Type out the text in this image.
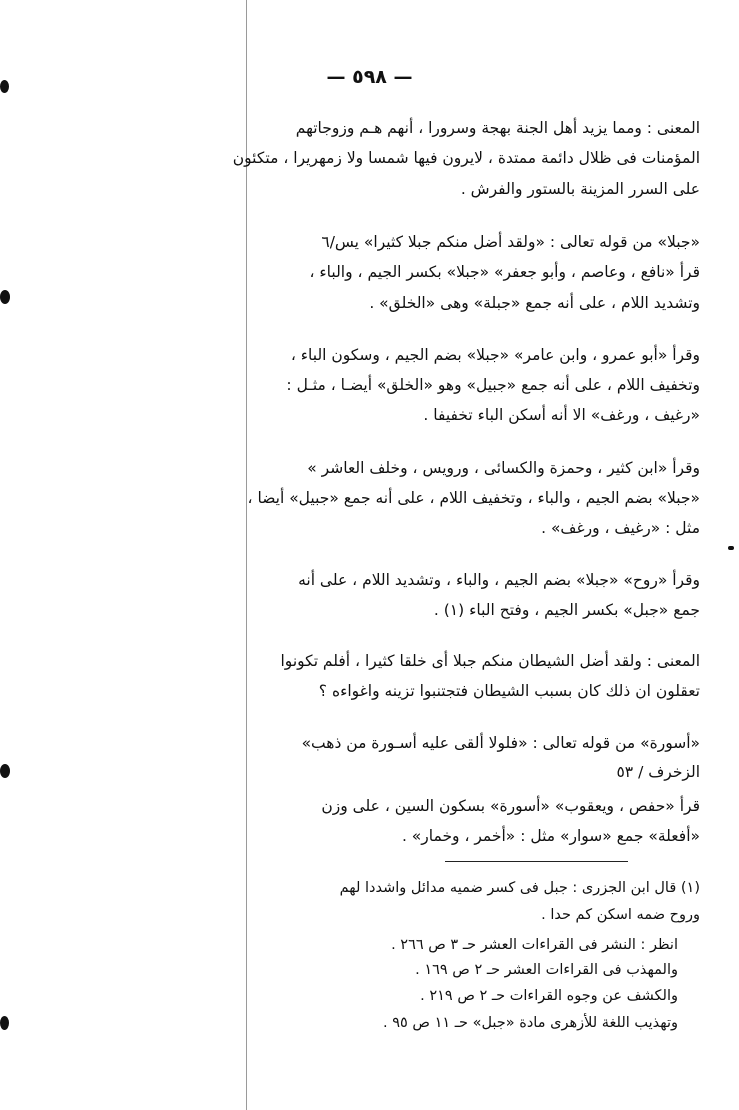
— ٥٩٨ —
المعنى : ومما يزيد أهل الجنة بهجة وسرورا ، أنهم هـم وزوجاتهم
المؤمنات فى ظلال دائمة ممتدة ، لايرون فيها شمسا ولا زمهريرا ، متكئون
على السرر المزينة بالستور والفرش .
«جبلا» من قوله تعالى : «ولقد أضل منكم جبلا كثيرا» يس/٦
قرأ «نافع ، وعاصم ، وأبو جعفر» «جبلا» بكسر الجيم ، والباء ،
وتشديد اللام ، على أنه جمع «جبلة» وهى «الخلق» .
وقرأ «أبو عمرو ، وابن عامر» «جبلا» بضم الجيم ، وسكون الباء ،
وتخفيف اللام ، على أنه جمع «جبيل» وهو «الخلق» أيضـا ، مثـل :
«رغيف ، ورغف» الا أنه أسكن الباء تخفيفا .
وقرأ «ابن كثير ، وحمزة والكسائى ، ورويس ، وخلف العاشر »
«جبلا» بضم الجيم ، والباء ، وتخفيف اللام ، على أنه جمع «جبيل» أيضا ،
مثل : «رغيف ، ورغف» .
وقرأ «روح» «جبلا» بضم الجيم ، والباء ، وتشديد اللام ، على أنه
جمع «جبل» بكسر الجيم ، وفتح الباء (١) .
المعنى : ولقد أضل الشيطان منكم جبلا أى خلقا كثيرا ، أفلم تكونوا
تعقلون ان ذلك كان بسبب الشيطان فتجتنبوا تزينه واغواءه ؟
«أسورة» من قوله تعالى : «فلولا ألقى عليه أسـورة من ذهب»
الزخرف / ٥٣
قرأ «حفص ، ويعقوب» «أسورة» بسكون السين ، على وزن
«أفعلة» جمع «سوار» مثل : «أخمر ، وخمار» .
(١) قال ابن الجزرى : جبل فى كسر ضميه مدائل واشددا لهم
وروح ضمه اسكن كم حدا .
انظر : النشر فى القراءات العشر حـ ٣ ص ٢٦٦ .
والمهذب فى القراءات العشر حـ ٢ ص ١٦٩ .
والكشف عن وجوه القراءات حـ ٢ ص ٢١٩ .
وتهذيب اللغة للأزهرى مادة «جبل» حـ ١١ ص ٩٥ .
